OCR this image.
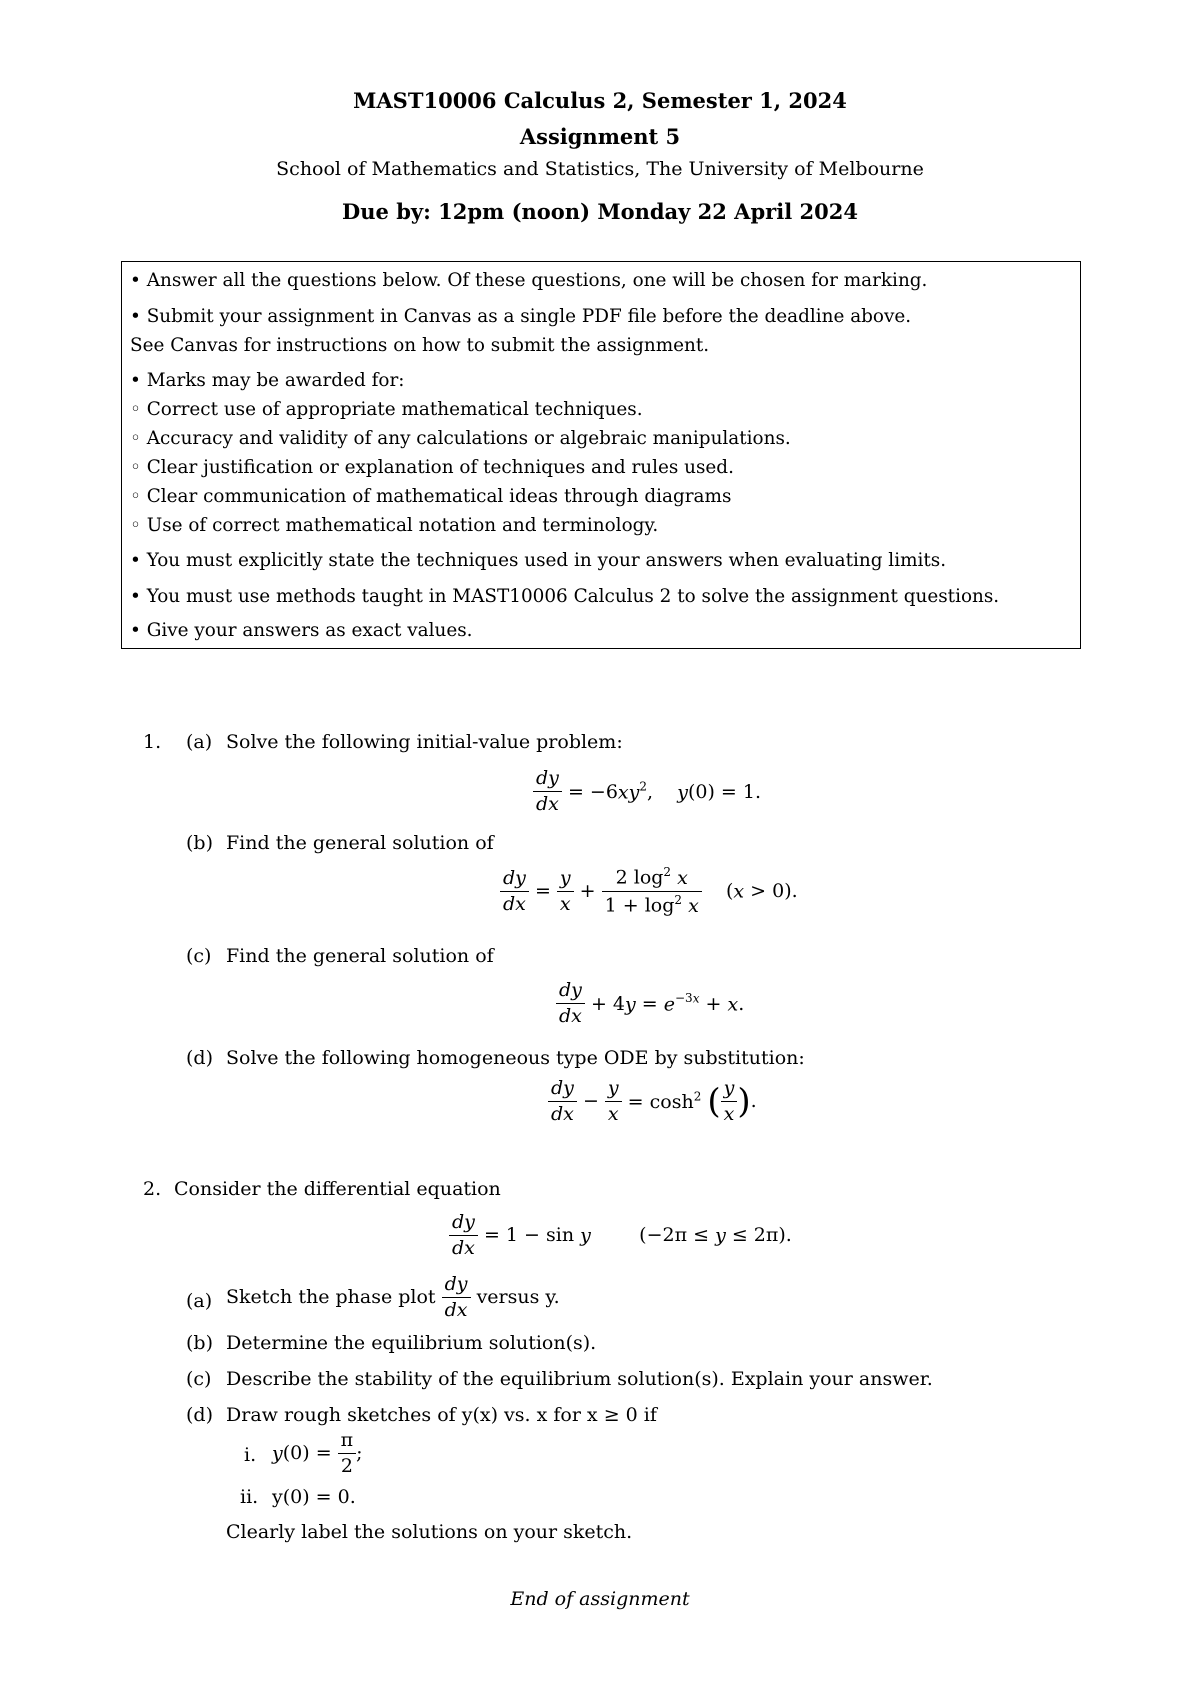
MAST10006 Calculus 2, Semester 1, 2024
Assignment 5
School of Mathematics and Statistics, The University of Melbourne
Due by: 12pm (noon) Monday 22 April 2024
• Answer all the questions below. Of these questions, one will be chosen for marking.
• Submit your assignment in Canvas as a single PDF file before the deadline above.
See Canvas for instructions on how to submit the assignment.
• Marks may be awarded for:
◦ Correct use of appropriate mathematical techniques.
◦ Accuracy and validity of any calculations or algebraic manipulations.
◦ Clear justification or explanation of techniques and rules used.
◦ Clear communication of mathematical ideas through diagrams
◦ Use of correct mathematical notation and terminology.
• You must explicitly state the techniques used in your answers when evaluating limits.
• You must use methods taught in MAST10006 Calculus 2 to solve the assignment questions.
• Give your answers as exact values.
1. (a) Solve the following initial-value problem:
$\frac{dy}{dx} = -6xy^2$,    y(0) = 1.
(b) Find the general solution of
$\frac{dy}{dx} = \frac{y}{x} + \frac{2 \log^2 x}{1 + \log^2 x} (x > 0)$.
(c) Find the general solution of
$\frac{dy}{dx} + 4y = e^{-3x} + x$.
(d) Solve the following homogeneous type ODE by substitution:
$\frac{dy}{dx} - \frac{y}{x} = \cosh^2$ ( $\frac{y}{x}$ ).
2. Consider the differential equation
$\frac{dy}{dx} = 1 - \sin y$        (−2π ≤ y ≤ 2π).
(a) Sketch the phase plot $\frac{dy}{dx}$ versus y.
(b) Determine the equilibrium solution(s).
(c) Describe the stability of the equilibrium solution(s). Explain your answer.
(d) Draw rough sketches of y(x) vs. x for x ≥ 0 if
i. $y(0) = \frac{\pi}{2}$ ;
ii. y(0) = 0.
Clearly label the solutions on your sketch.
End of assignment
